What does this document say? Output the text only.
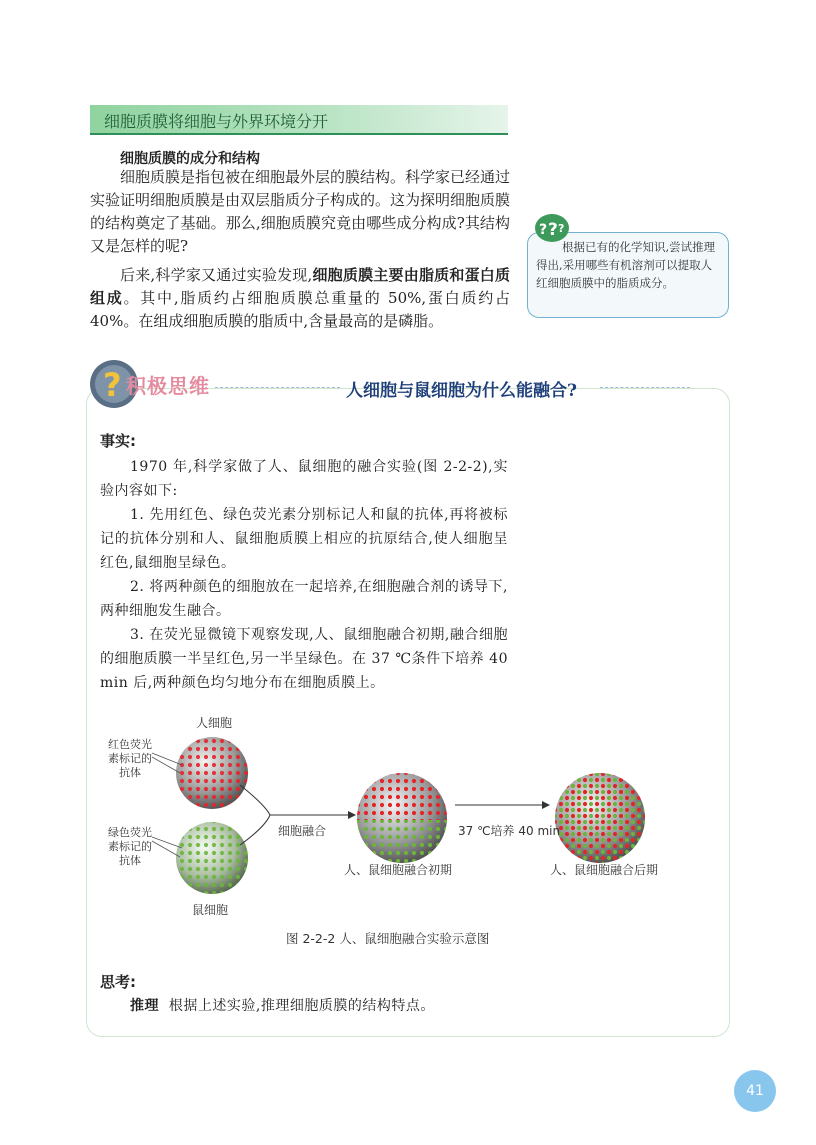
细胞质膜将细胞与外界环境分开
细胞质膜的成分和结构
细胞质膜是指包被在细胞最外层的膜结构。科学家已经通过实验证明细胞质膜是由双层脂质分子构成的。这为探明细胞质膜的结构奠定了基础。那么,细胞质膜究竟由哪些成分构成?其结构又是怎样的呢?
后来,科学家又通过实验发现,细胞质膜主要由脂质和蛋白质组成。其中,脂质约占细胞质膜总重量的 50%,蛋白质约占 40%。在组成细胞质膜的脂质中,含量最高的是磷脂。
? ? ?
根据已有的化学知识,尝试推理得出,采用哪些有机溶剂可以提取人红细胞质膜中的脂质成分。
? 积极思维	人细胞与鼠细胞为什么能融合?
事实:
1970 年,科学家做了人、鼠细胞的融合实验(图 2-2-2),实验内容如下:
1. 先用红色、绿色荧光素分别标记人和鼠的抗体,再将被标记的抗体分别和人、鼠细胞质膜上相应的抗原结合,使人细胞呈红色,鼠细胞呈绿色。
2. 将两种颜色的细胞放在一起培养,在细胞融合剂的诱导下,两种细胞发生融合。
3. 在荧光显微镜下观察发现,人、鼠细胞融合初期,融合细胞的细胞质膜一半呈红色,另一半呈绿色。在 37 ℃条件下培养 40 min 后,两种颜色均匀地分布在细胞质膜上。
人细胞
红色荧光素标记的抗体
绿色荧光素标记的抗体
鼠细胞
细胞融合	37 ℃培养 40 min
人、鼠细胞融合初期	人、鼠细胞融合后期
图 2-2-2 人、鼠细胞融合实验示意图
思考:
推理 根据上述实验,推理细胞质膜的结构特点。
41
